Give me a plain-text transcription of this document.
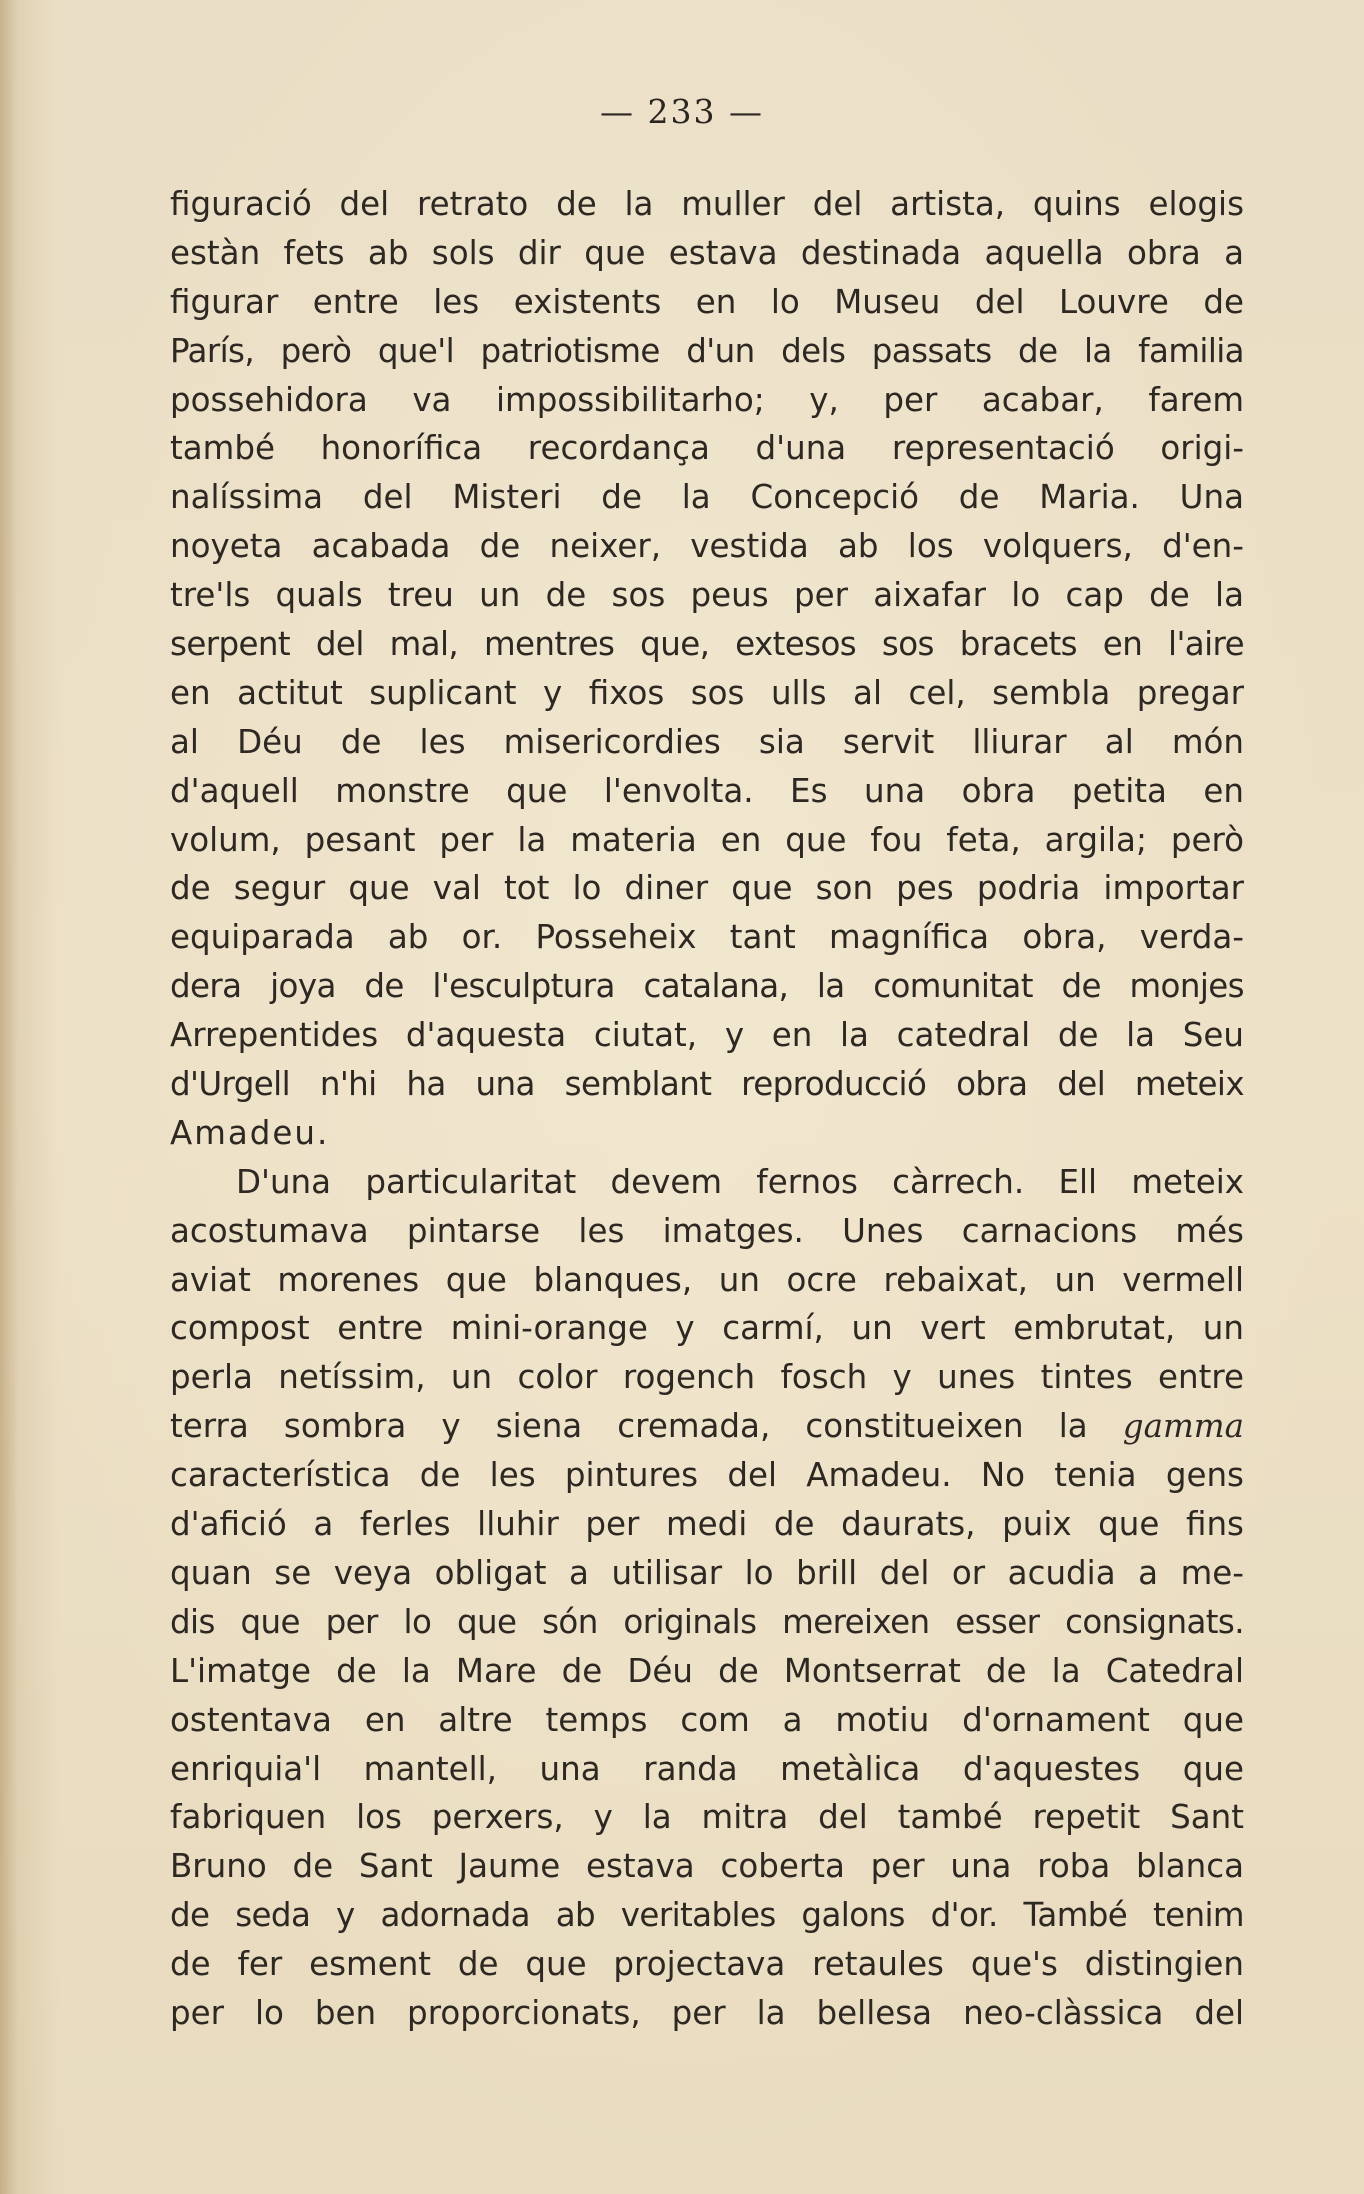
— 233 —
figuració del retrato de la muller del artista, quins elogis
estàn fets ab sols dir que estava destinada aquella obra a
figurar entre les existents en lo Museu del Louvre de
París, però que'l patriotisme d'un dels passats de la familia
possehidora va impossibilitarho; y, per acabar, farem
també honorífica recordança d'una representació origi-
nalíssima del Misteri de la Concepció de Maria. Una
noyeta acabada de neixer, vestida ab los volquers, d'en-
tre'ls quals treu un de sos peus per aixafar lo cap de la
serpent del mal, mentres que, extesos sos bracets en l'aire
en actitut suplicant y fixos sos ulls al cel, sembla pregar
al Déu de les misericordies sia servit lliurar al món
d'aquell monstre que l'envolta. Es una obra petita en
volum, pesant per la materia en que fou feta, argila; però
de segur que val tot lo diner que son pes podria importar
equiparada ab or. Posseheix tant magnífica obra, verda-
dera joya de l'esculptura catalana, la comunitat de monjes
Arrepentides d'aquesta ciutat, y en la catedral de la Seu
d'Urgell n'hi ha una semblant reproducció obra del meteix
Amadeu.
D'una particularitat devem fernos càrrech. Ell meteix
acostumava pintarse les imatges. Unes carnacions més
aviat morenes que blanques, un ocre rebaixat, un vermell
compost entre mini-orange y carmí, un vert embrutat, un
perla netíssim, un color rogench fosch y unes tintes entre
terra sombra y siena cremada, constitueixen la gamma
característica de les pintures del Amadeu. No tenia gens
d'afició a ferles lluhir per medi de daurats, puix que fins
quan se veya obligat a utilisar lo brill del or acudia a me-
dis que per lo que són originals mereixen esser consignats.
L'imatge de la Mare de Déu de Montserrat de la Catedral
ostentava en altre temps com a motiu d'ornament que
enriquia'l mantell, una randa metàlica d'aquestes que
fabriquen los perxers, y la mitra del també repetit Sant
Bruno de Sant Jaume estava coberta per una roba blanca
de seda y adornada ab veritables galons d'or. També tenim
de fer esment de que projectava retaules que's distingien
per lo ben proporcionats, per la bellesa neo-clàssica del
